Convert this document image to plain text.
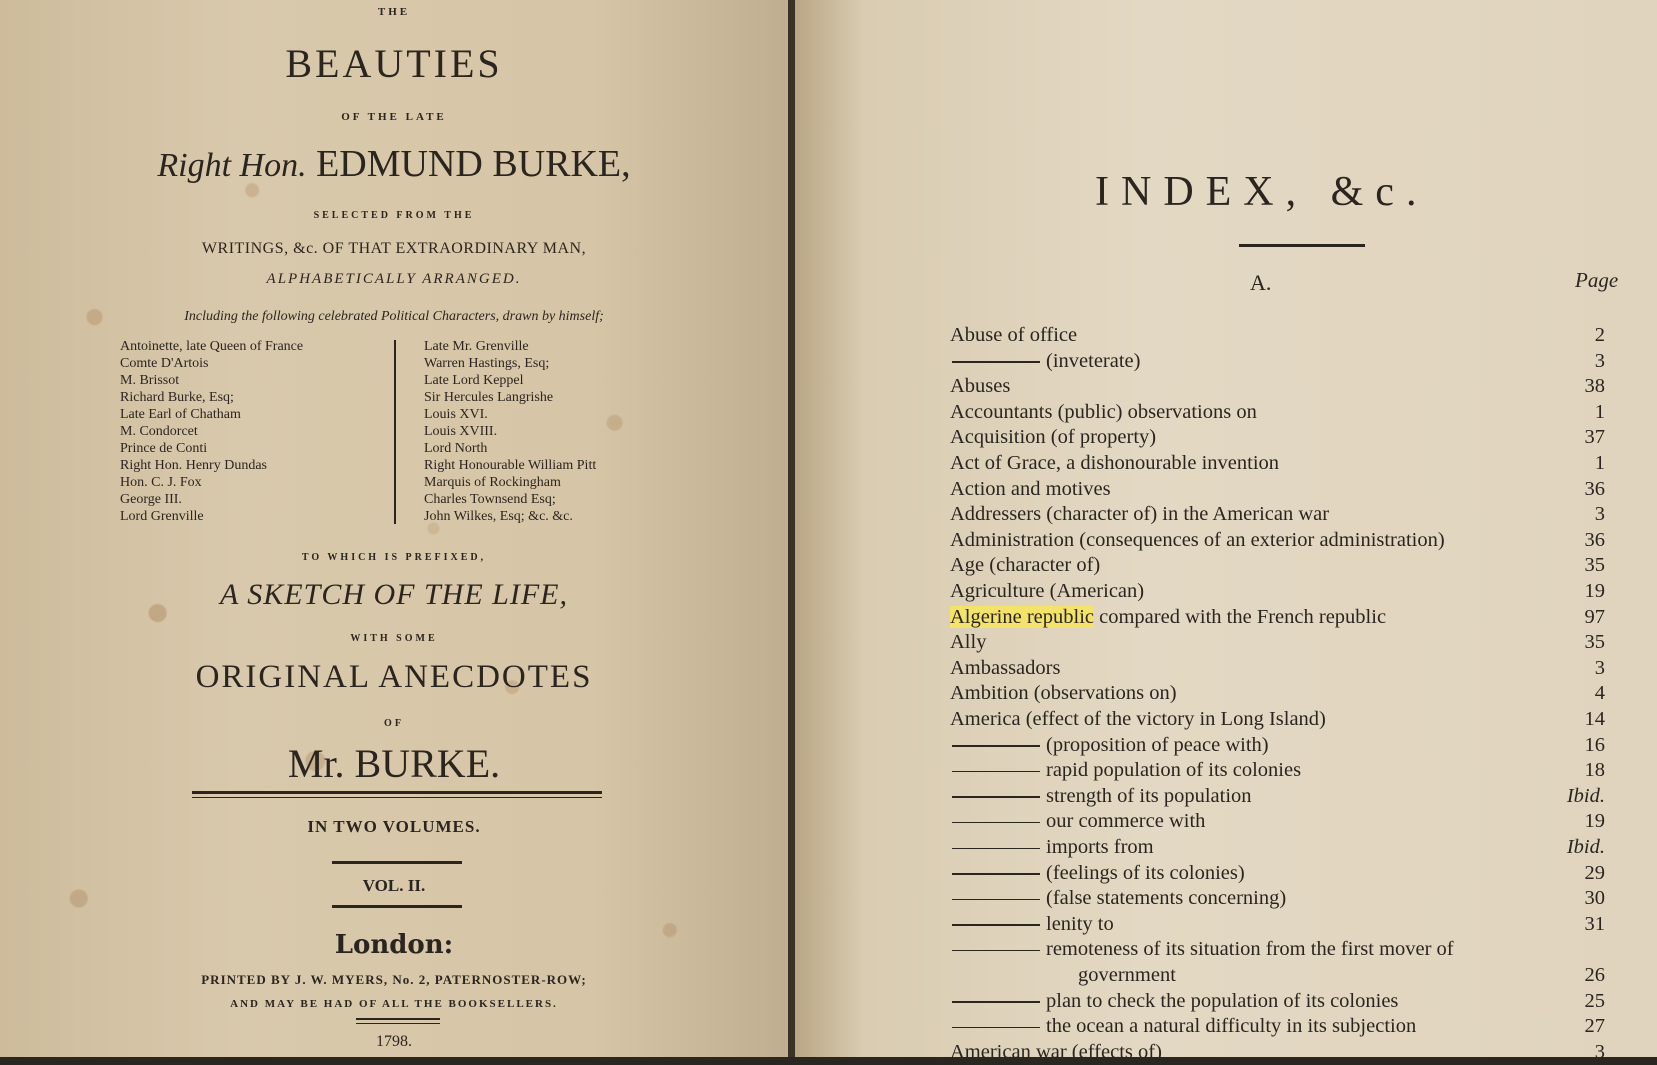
THE
BEAUTIES
OF THE LATE
Right Hon. EDMUND BURKE,
SELECTED FROM THE
WRITINGS, &c. OF THAT EXTRAORDINARY MAN,
ALPHABETICALLY ARRANGED.
Including the following celebrated Political Characters, drawn by himself;
Antoinette, late Queen of France
Comte D'Artois
M. Brissot
Richard Burke, Esq;
Late Earl of Chatham
M. Condorcet
Prince de Conti
Right Hon. Henry Dundas
Hon. C. J. Fox
George III.
Lord Grenville
Late Mr. Grenville
Warren Hastings, Esq;
Late Lord Keppel
Sir Hercules Langrishe
Louis XVI.
Louis XVIII.
Lord North
Right Honourable William Pitt
Marquis of Rockingham
Charles Townsend Esq;
John Wilkes, Esq; &c. &c.
TO WHICH IS PREFIXED,
A SKETCH OF THE LIFE,
WITH SOME
ORIGINAL ANECDOTES
OF
Mr. BURKE.
IN TWO VOLUMES.
VOL. II.
London:
PRINTED BY J. W. MYERS, No. 2, PATERNOSTER-ROW;
AND MAY BE HAD OF ALL THE BOOKSELLERS.
1798.
INDEX, &c.
A.	Page
Abuse of office	2
(inveterate)	3
Abuses	38
Accountants (public) observations on	1
Acquisition (of property)	37
Act of Grace, a dishonourable invention	1
Action and motives	36
Addressers (character of) in the American war	3
Administration (consequences of an exterior administration)	36
Age (character of)	35
Agriculture (American)	19
Algerine republic compared with the French republic	97
Ally	35
Ambassadors	3
Ambition (observations on)	4
America (effect of the victory in Long Island)	14
(proposition of peace with)	16
rapid population of its colonies	18
strength of its population	Ibid.
our commerce with	19
imports from	Ibid.
(feelings of its colonies)	29
(false statements concerning)	30
lenity to	31
remoteness of its situation from the first mover of
government	26
plan to check the population of its colonies	25
the ocean a natural difficulty in its subjection	27
American war (effects of)	3
